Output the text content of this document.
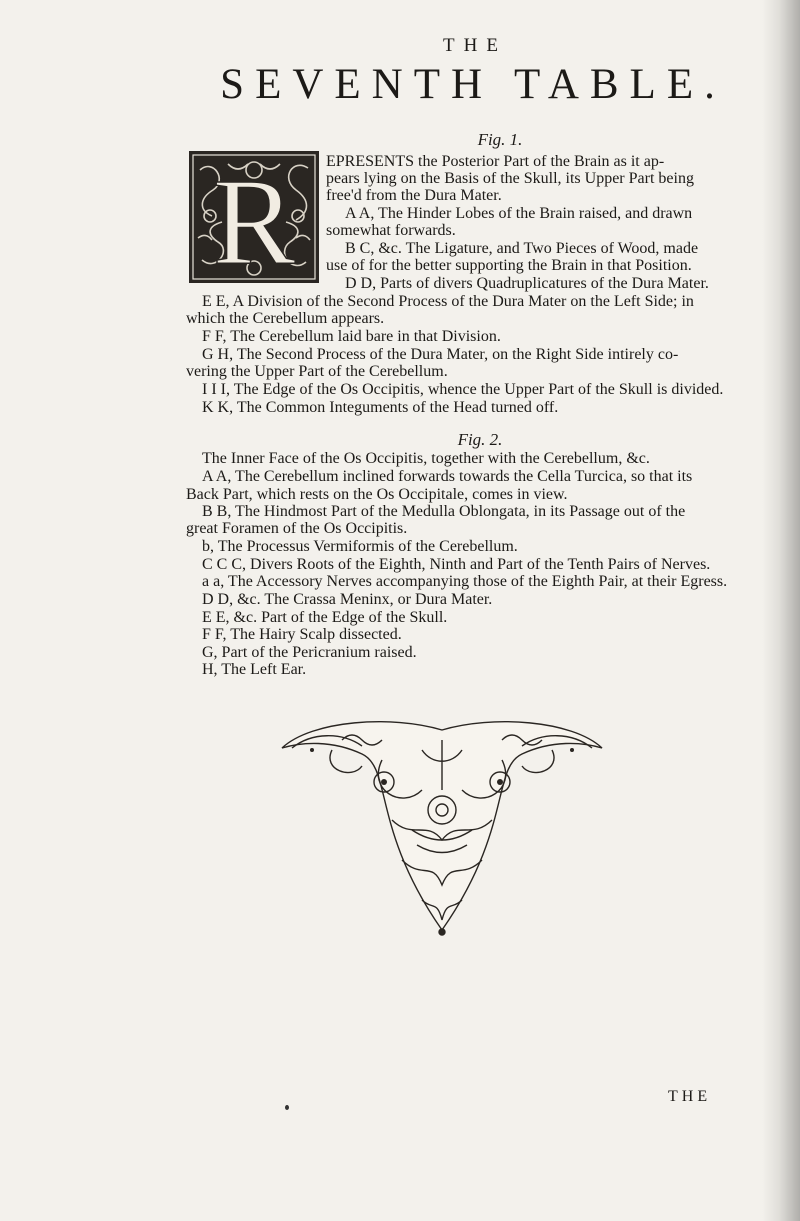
THE
SEVENTH TABLE.
Fig. 1.
R EPRESENTS the Posterior Part of the Brain as it ap-
pears lying on the Basis of the Skull, its Upper Part being
free'd from the Dura Mater.
A A, The Hinder Lobes of the Brain raised, and drawn
somewhat forwards.
B C, &c. The Ligature, and Two Pieces of Wood, made
use of for the better supporting the Brain in that Position.
D D, Parts of divers Quadruplicatures of the Dura Mater.
E E, A Division of the Second Process of the Dura Mater on the Left Side; in
which the Cerebellum appears.
F F, The Cerebellum laid bare in that Division.
G H, The Second Process of the Dura Mater, on the Right Side intirely co-
vering the Upper Part of the Cerebellum.
I I I, The Edge of the Os Occipitis, whence the Upper Part of the Skull is divided.
K K, The Common Integuments of the Head turned off.
Fig. 2.
The Inner Face of the Os Occipitis, together with the Cerebellum, &c.
A A, The Cerebellum inclined forwards towards the Cella Turcica, so that its
Back Part, which rests on the Os Occipitale, comes in view.
B B, The Hindmost Part of the Medulla Oblongata, in its Passage out of the
great Foramen of the Os Occipitis.
b, The Processus Vermiformis of the Cerebellum.
C C C, Divers Roots of the Eighth, Ninth and Part of the Tenth Pairs of Nerves.
a a, The Accessory Nerves accompanying those of the Eighth Pair, at their Egress.
D D, &c. The Crassa Meninx, or Dura Mater.
E E, &c. Part of the Edge of the Skull.
F F, The Hairy Scalp dissected.
G, Part of the Pericranium raised.
H, The Left Ear.
THE
